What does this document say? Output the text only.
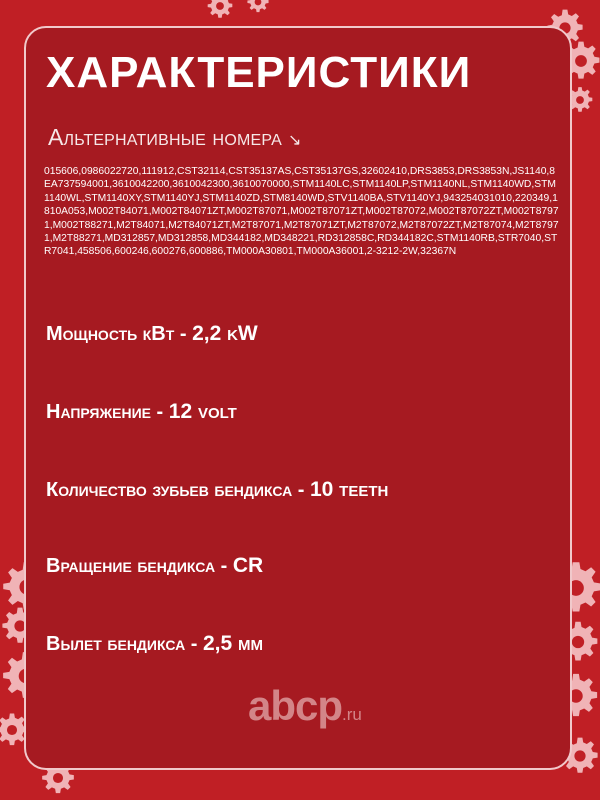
ХАРАКТЕРИСТИКИ
Альтернативные номера ↘
015606,0986022720,111912,CST32114,CST35137AS,CST35137GS,32602410,DRS3853,DRS3853N,JS1140,8EA737594001,3610042200,3610042300,3610070000,STM1140LC,STM1140LP,STM1140NL,STM1140WD,STM1140WL,STM1140XY,STM1140YJ,STM1140ZD,STM8140WD,STV1140BA,STV1140YJ,943254031010,220349,1810A053,M002T84071,M002T84071ZT,M002T87071,M002T87071ZT,M002T87072,M002T87072ZT,M002T87971,M002T88271,M2T84071,M2T84071ZT,M2T87071,M2T87071ZT,M2T87072,M2T87072ZT,M2T87074,M2T87971,M2T88271,MD312857,MD312858,MD344182,MD348221,RD312858C,RD344182C,STM1140RB,STR7040,STR7041,458506,600246,600276,600886,TM000A30801,TM000A36001,2-3212-2W,32367N
Мощность кВт - 2,2 kW
Напряжение - 12 volt
Количество зубьев бендикса - 10 teeth
Вращение бендикса - CR
Вылет бендикса - 2,5 мм
abcp.ru
